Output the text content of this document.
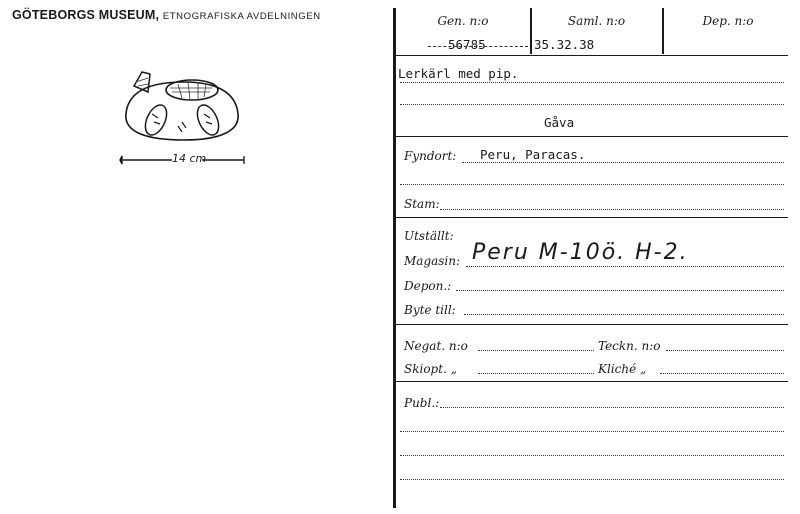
GÖTEBORGS MUSEUM, ETNOGRAFISKA AVDELNINGEN
14 cm
Gen. n:o	Saml. n:o	Dep. n:o
56785	35.32.38
Lerkärl med pip.
Gåva
Fyndort: Peru, Paracas.
Stam:
Utställt:
Magasin: Peru M-10ö. H-2.
Depon.:
Byte till:
Negat. n:o	Teckn. n:o
Skiopt. „	Kliché „
Publ.:
